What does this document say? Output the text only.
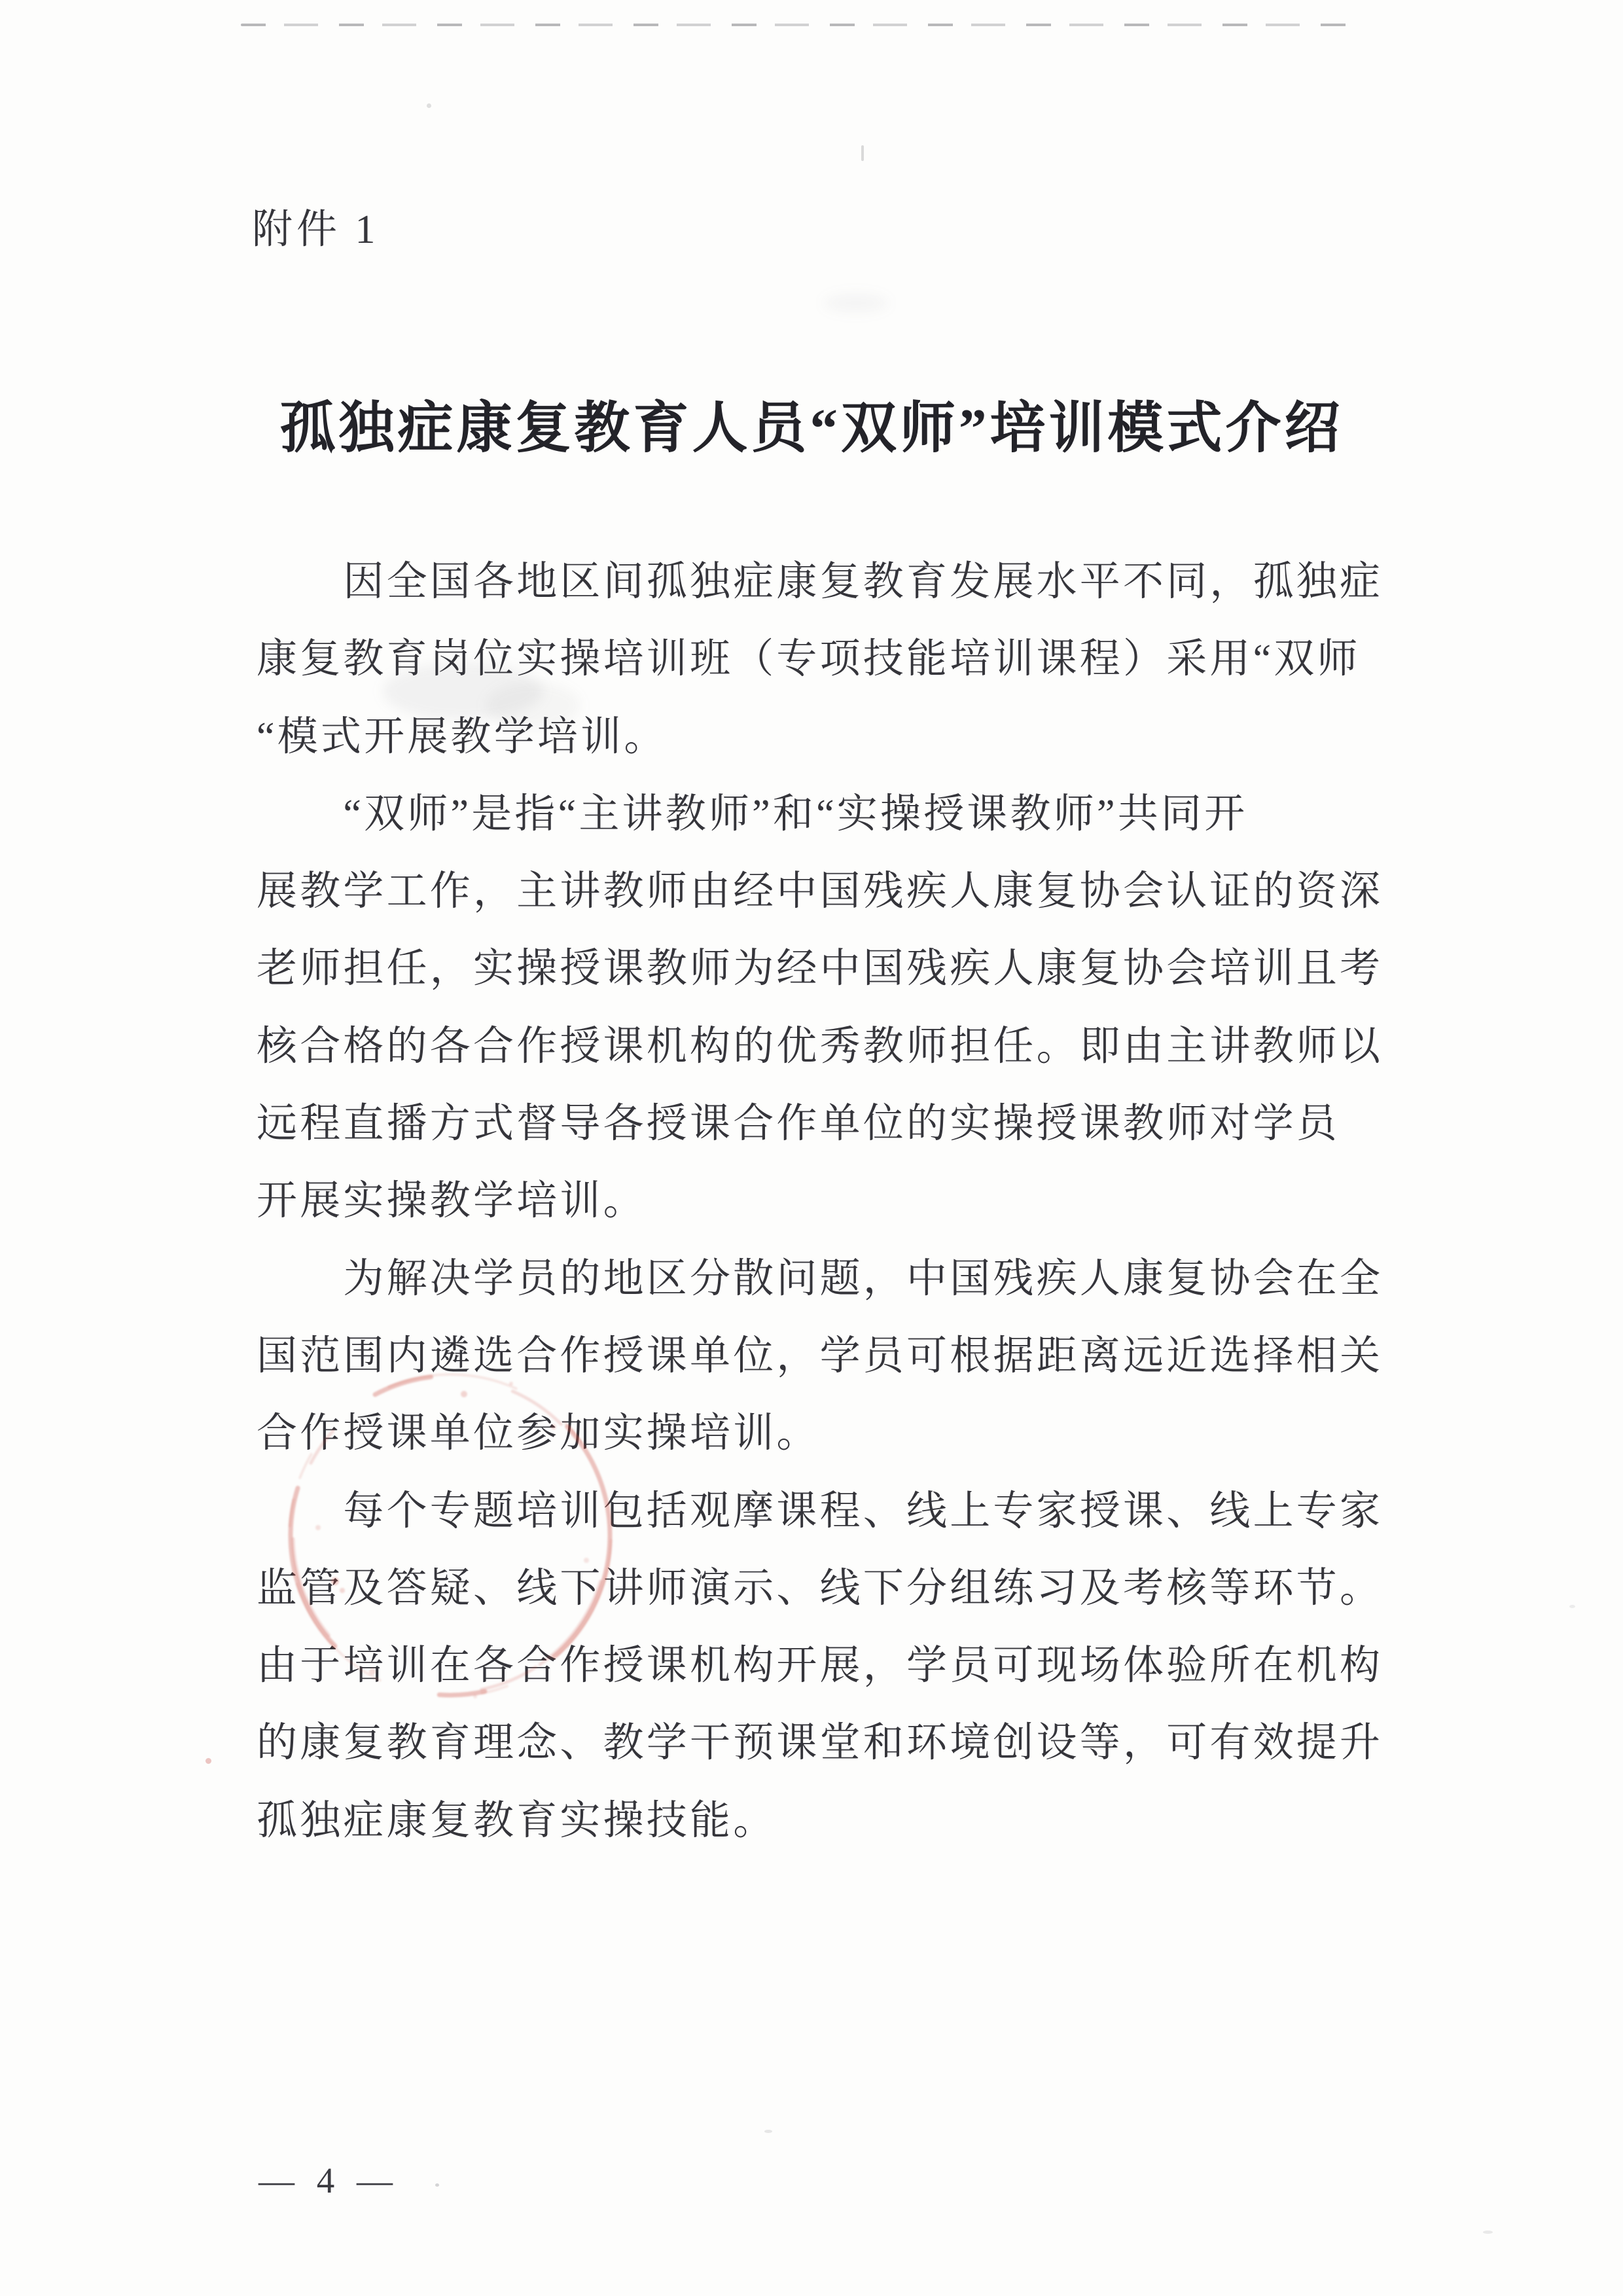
附件 1
孤独症康复教育人员“双师”培训模式介绍
　　因全国各地区间孤独症康复教育发展水平不同，孤独症
康复教育岗位实操培训班（专项技能培训课程）采用“双师
“模式开展教学培训。
　　“双师”是指“主讲教师”和“实操授课教师”共同开
展教学工作，主讲教师由经中国残疾人康复协会认证的资深
老师担任，实操授课教师为经中国残疾人康复协会培训且考
核合格的各合作授课机构的优秀教师担任。即由主讲教师以
远程直播方式督导各授课合作单位的实操授课教师对学员
开展实操教学培训。
　　为解决学员的地区分散问题，中国残疾人康复协会在全
国范围内遴选合作授课单位，学员可根据距离远近选择相关
合作授课单位参加实操培训。
　　每个专题培训包括观摩课程、线上专家授课、线上专家
监管及答疑、线下讲师演示、线下分组练习及考核等环节。
由于培训在各合作授课机构开展，学员可现场体验所在机构
的康复教育理念、教学干预课堂和环境创设等，可有效提升
孤独症康复教育实操技能。
— 4 —
